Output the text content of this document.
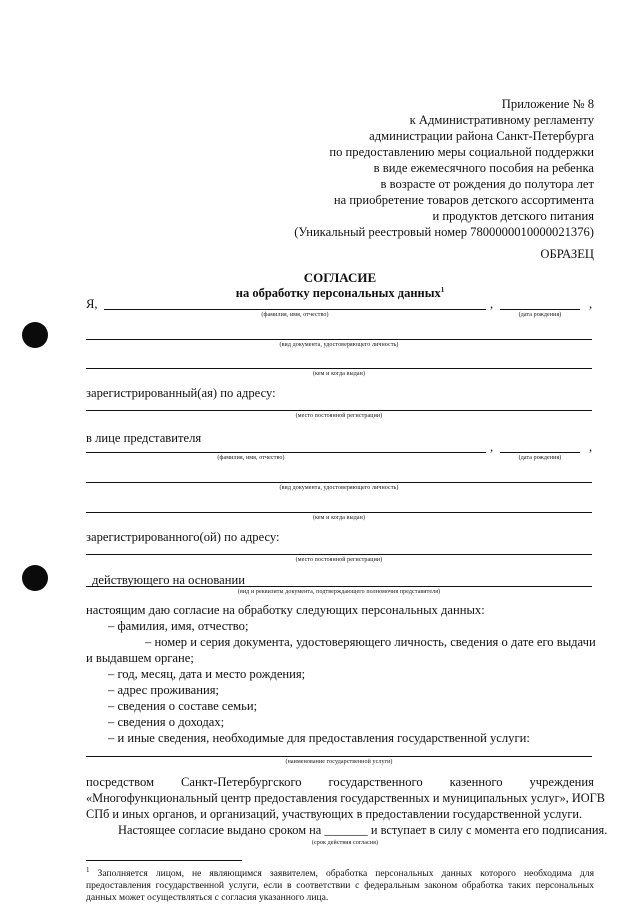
Приложение № 8
к Административному регламенту
администрации района Санкт-Петербурга
по предоставлению меры социальной поддержки
в виде ежемесячного пособия на ребенка
в возрасте от рождения до полутора лет
на приобретение товаров детского ассортимента
и продуктов детского питания
(Уникальный реестровый номер 7800000010000021376)
ОБРАЗЕЦ
СОГЛАСИЕ
на обработку персональных данных$^1$
Я,	,	,
(фамилия, имя, отчество)	(дата рождения)
(вид документа, удостоверяющего личность)
(кем и когда выдан)
зарегистрированный(ая) по адресу:
(место постоянной регистрации)
в лице представителя
,	,
(фамилия, имя, отчество)	(дата рождения)
(вид документа, удостоверяющего личность)
(кем и когда выдан)
зарегистрированного(ой) по адресу:
(место постоянной регистрации)
действующего на основании
(вид и реквизиты документа, подтверждающего полномочия представителя)
настоящим даю согласие на обработку следующих персональных данных:
– фамилия, имя, отчество;
– номер и серия документа, удостоверяющего личность, сведения о дате его выдачи
и выдавшем органе;
– год, месяц, дата и место рождения;
– адрес проживания;
– сведения о составе семьи;
– сведения о доходах;
– и иные сведения, необходимые для предоставления государственной услуги:
(наименование государственной услуги)
посредством Санкт-Петербургского государственного казенного учреждения
«Многофункциональный центр предоставления государственных и муниципальных услуг», ИОГВ
СПб и иных органов, и организаций, участвующих в предоставлении государственной услуги.
Настоящее согласие выдано сроком на _______ и вступает в силу с момента его подписания.
(срок действия согласия)
$^1$ Заполняется лицом, не являющимся заявителем, обработка персональных данных которого необходима для предоставления государственной услуги, если в соответствии с федеральным законом обработка таких персональных данных может осуществляться с согласия указанного лица.
